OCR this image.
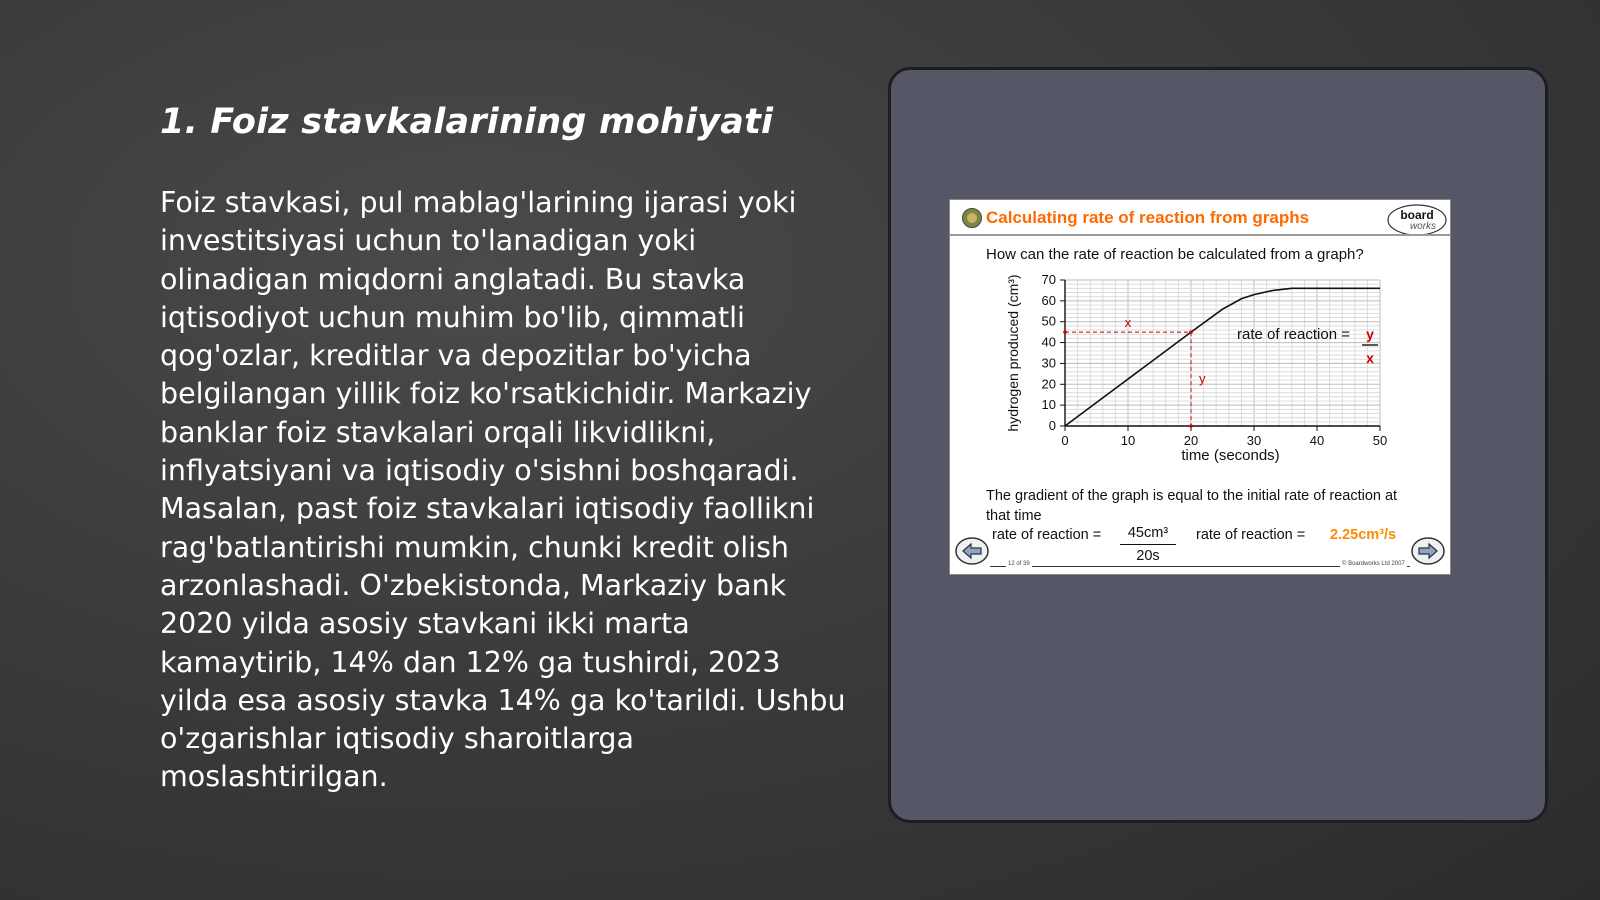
1. Foiz stavkalarining mohiyati

Foiz stavkasi, pul mablag'larining ijarasi yoki investitsiyasi uchun to'lanadigan yoki olinadigan miqdorni anglatadi. Bu stavka iqtisodiyot uchun muhim bo'lib, qimmatli qog'ozlar, kreditlar va depozitlar bo'yicha belgilangan yillik foiz ko'rsatkichidir. Markaziy banklar foiz stavkalari orqali likvidlikni, inflyatsiyani va iqtisodiy o'sishni boshqaradi. Masalan, past foiz stavkalari iqtisodiy faollikni rag'batlantirishi mumkin, chunki kredit olish arzonlashadi. O'zbekistonda, Markaziy bank 2020 yilda asosiy stavkani ikki marta kamaytirib, 14% dan 12% ga tushirdi, 2023 yilda esa asosiy stavka 14% ga ko'tarildi. Ushbu o'zgarishlar iqtisodiy sharoitlarga moslashtirilgan.

Calculating rate of reaction from graphs	board
works
How can the rate of reaction be calculated from a graph?
0	10	20	30	40	50
0
10
20
30
40
50
60
70
time (seconds)
hydrogen produced (cm³)	x
y
rate of reaction = y
x
The gradient of the graph is equal to the initial rate of reaction at that time
rate of reaction = $\frac{\text{45cm³}}{20s}$ rate of reaction = 2.25cm³/s
12 of 39	© Boardworks Ltd 2007
